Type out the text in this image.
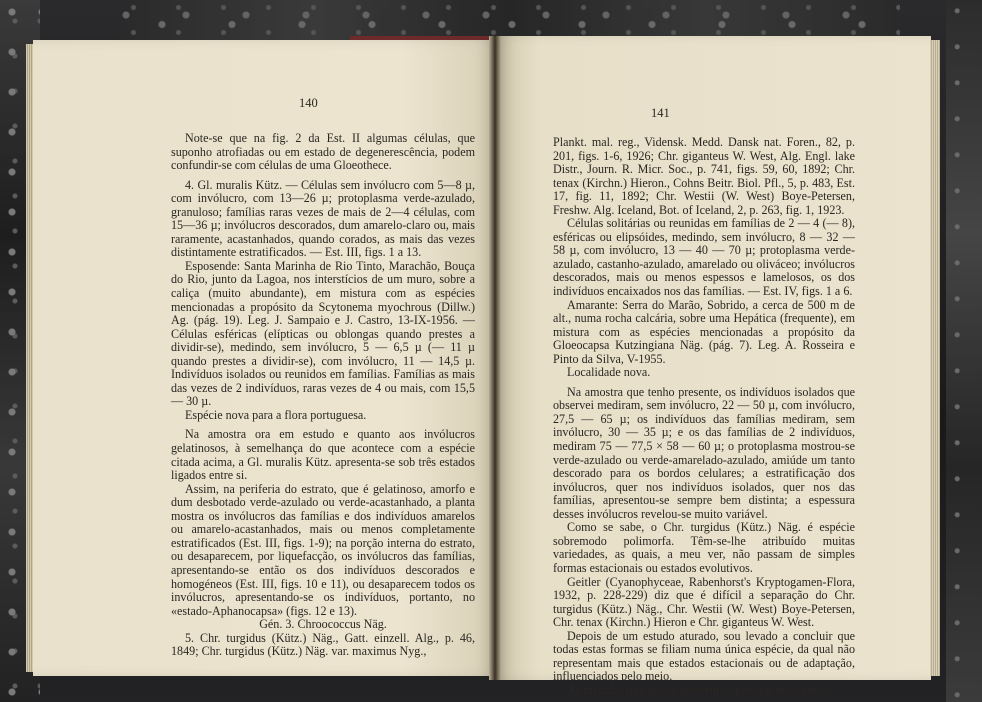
140

Note-se que na fig. 2 da Est. II algumas células, que suponho atrofiadas ou em estado de degenerescência, podem confundir-se com células de uma Gloeothece.

4. Gl. muralis Kütz. — Células sem invólucro com 5—8 µ, com invólucro, com 13—26 µ; protoplasma verde-azulado, granuloso; famílias raras vezes de mais de 2—4 células, com 15—36 µ; invólucros descorados, dum amarelo-claro ou, mais raramente, acastanhados, quando corados, as mais das vezes distintamente estratificados. — Est. III, figs. 1 a 13.

Esposende: Santa Marinha de Rio Tinto, Marachão, Bouça do Rio, junto da Lagoa, nos interstícios de um muro, sobre a caliça (muito abundante), em mistura com as espécies mencionadas a propósito da Scytonema myochrous (Dillw.) Ag. (pág. 19). Leg. J. Sampaio e J. Castro, 13-IX-1956. — Células esféricas (elípticas ou oblongas quando prestes a dividir-se), medindo, sem invólucro, 5 — 6,5 µ (— 11 µ quando prestes a dividir-se), com invólucro, 11 — 14,5 µ. Indivíduos isolados ou reunidos em famílias. Famílias as mais das vezes de 2 indivíduos, raras vezes de 4 ou mais, com 15,5 — 30 µ.

Espécie nova para a flora portuguesa.

Na amostra ora em estudo e quanto aos invólucros gelatinosos, à semelhança do que acontece com a espécie citada acima, a Gl. muralis Kütz. apresenta-se sob três estados ligados entre si.

Assim, na periferia do estrato, que é gelatinoso, amorfo e dum desbotado verde-azulado ou verde-acastanhado, a planta mostra os invólucros das famílias e dos indivíduos amarelos ou amarelo-acastanhados, mais ou menos completamente estratificados (Est. III, figs. 1-9); na porção interna do estrato, ou desaparecem, por liquefacção, os invólucros das famílias, apresentando-se então os dos indivíduos descorados e homogéneos (Est. III, figs. 10 e 11), ou desaparecem todos os invólucros, apresentando-se os indivíduos, portanto, no «estado-Aphanocapsa» (figs. 12 e 13).

Gén. 3. Chroococcus Näg.

5. Chr. turgidus (Kütz.) Näg., Gatt. einzell. Alg., p. 46, 1849; Chr. turgidus (Kütz.) Näg. var. maximus Nyg.,

141

Plankt. mal. reg., Vidensk. Medd. Dansk nat. Foren., 82, p. 201, figs. 1-6, 1926; Chr. giganteus W. West, Alg. Engl. lake Distr., Journ. R. Micr. Soc., p. 741, figs. 59, 60, 1892; Chr. tenax (Kirchn.) Hieron., Cohns Beitr. Biol. Pfl., 5, p. 483, Est. 17, fig. 11, 1892; Chr. Westii (W. West) Boye-Petersen, Freshw. Alg. Iceland, Bot. of Iceland, 2, p. 263, fig. 1, 1923.

Células solitárias ou reunidas em famílias de 2 — 4 (— 8), esféricas ou elipsóides, medindo, sem invólucro, 8 — 32 — 58 µ, com invólucro, 13 — 40 — 70 µ; protoplasma verde-azulado, castanho-azulado, amarelado ou oliváceo; invólucros descorados, mais ou menos espessos e lamelosos, os dos indivíduos encaixados nos das famílias. — Est. IV, figs. 1 a 6.

Amarante: Serra do Marão, Sobrido, a cerca de 500 m de alt., numa rocha calcária, sobre uma Hepática (frequente), em mistura com as espécies mencionadas a propósito da Gloeocapsa Kutzingiana Näg. (pág. 7). Leg. A. Rosseira e Pinto da Silva, V-1955.

Localidade nova.

Na amostra que tenho presente, os indivíduos isolados que observei mediram, sem invólucro, 22 — 50 µ, com invólucro, 27,5 — 65 µ; os indivíduos das famílias mediram, sem invólucro, 30 — 35 µ; e os das famílias de 2 indivíduos, mediram 75 — 77,5 × 58 — 60 µ; o protoplasma mostrou-se verde-azulado ou verde-amarelado-azulado, amiúde um tanto descorado para os bordos celulares; a estratificação dos invólucros, quer nos indivíduos isolados, quer nos das famílias, apresentou-se sempre bem distinta; a espessura desses invólucros revelou-se muito variável.

Como se sabe, o Chr. turgidus (Kütz.) Näg. é espécie sobremodo polimorfa. Têm-se-lhe atribuído muitas variedades, as quais, a meu ver, não passam de simples formas estacionais ou estados evolutivos.

Geitler (Cyanophyceae, Rabenhorst's Kryptogamen-Flora, 1932, p. 228-229) diz que é difícil a separação do Chr. turgidus (Kütz.) Näg., Chr. Westii (W. West) Boye-Petersen, Chr. tenax (Kirchn.) Hieron e Chr. giganteus W. West.

Depois de um estudo aturado, sou levado a concluir que todas estas formas se filiam numa única espécie, da qual não representam mais que estados estacionais ou de adaptação, influenciados pelo meio.

As medidas que acima apresento, quer dos indivíduos,
